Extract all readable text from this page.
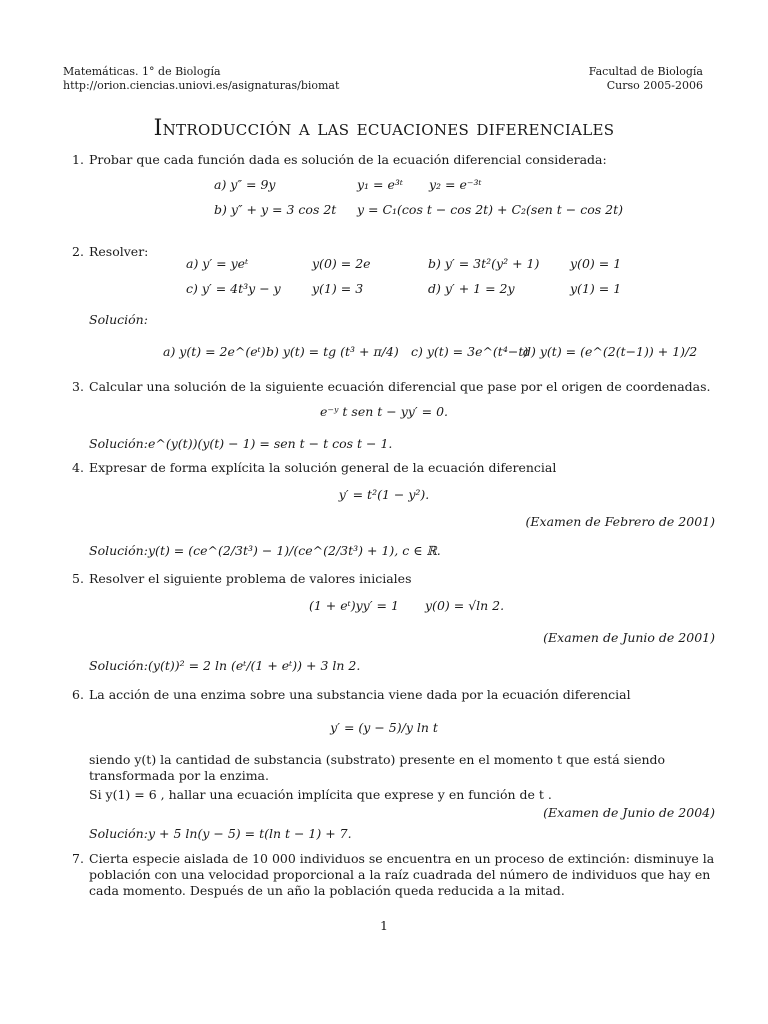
Matemáticas. 1° de Biología
http://orion.ciencias.uniovi.es/asignaturas/biomat
Facultad de Biología
Curso 2005-2006
Introducción a las ecuaciones diferenciales
1. Probar que cada función dada es solución de la ecuación diferencial considerada:
a) y″ = 9y	y₁ = e³ᵗ y₂ = e⁻³ᵗ
b) y″ + y = 3 cos 2t y = C₁(cos t − cos 2t) + C₂(sen t − cos 2t)
2. Resolver:
a) y′ = yeᵗ	y(0) = 2e	b) y′ = 3t²(y² + 1) y(0) = 1
c) y′ = 4t³y − y	y(1) = 3	d) y′ + 1 = 2y	y(1) = 1
Solución:
a) y(t) = 2e^(eᵗ) b) y(t) = tg (t³ + π/4) c) y(t) = 3e^(t⁴−t)
d) y(t) = (e^(2(t−1)) + 1)/2
3. Calcular una solución de la siguiente ecuación diferencial que pase por el origen de coordenadas.
e⁻ʸ t sen t − yy′ = 0.
Solución: e^(y(t))(y(t) − 1) = sen t − t cos t − 1.
4. Expresar de forma explícita la solución general de la ecuación diferencial
y′ = t²(1 − y²).
(Examen de Febrero de 2001)
Solución: y(t) = (ce^(2/3t³) − 1)/(ce^(2/3t³) + 1), c ∈ ℝ.
5. Resolver el siguiente problema de valores iniciales
(1 + eᵗ)yy′ = 1 y(0) = √ln 2.
(Examen de Junio de 2001)
Solución: (y(t))² = 2 ln (eᵗ/(1 + eᵗ)) + 3 ln 2.
6. La acción de una enzima sobre una substancia viene dada por la ecuación diferencial
y′ = (y − 5)/y ln t
siendo y(t) la cantidad de substancia (substrato) presente en el momento t que está siendo transformada por la enzima.
Si y(1) = 6 , hallar una ecuación implícita que exprese y en función de t .
(Examen de Junio de 2004)
Solución: y + 5 ln(y − 5) = t(ln t − 1) + 7.
7. Cierta especie aislada de 10 000 individuos se encuentra en un proceso de extinción: disminuye la población con una velocidad proporcional a la raíz cuadrada del número de individuos que hay en cada momento. Después de un año la población queda reducida a la mitad.
1
